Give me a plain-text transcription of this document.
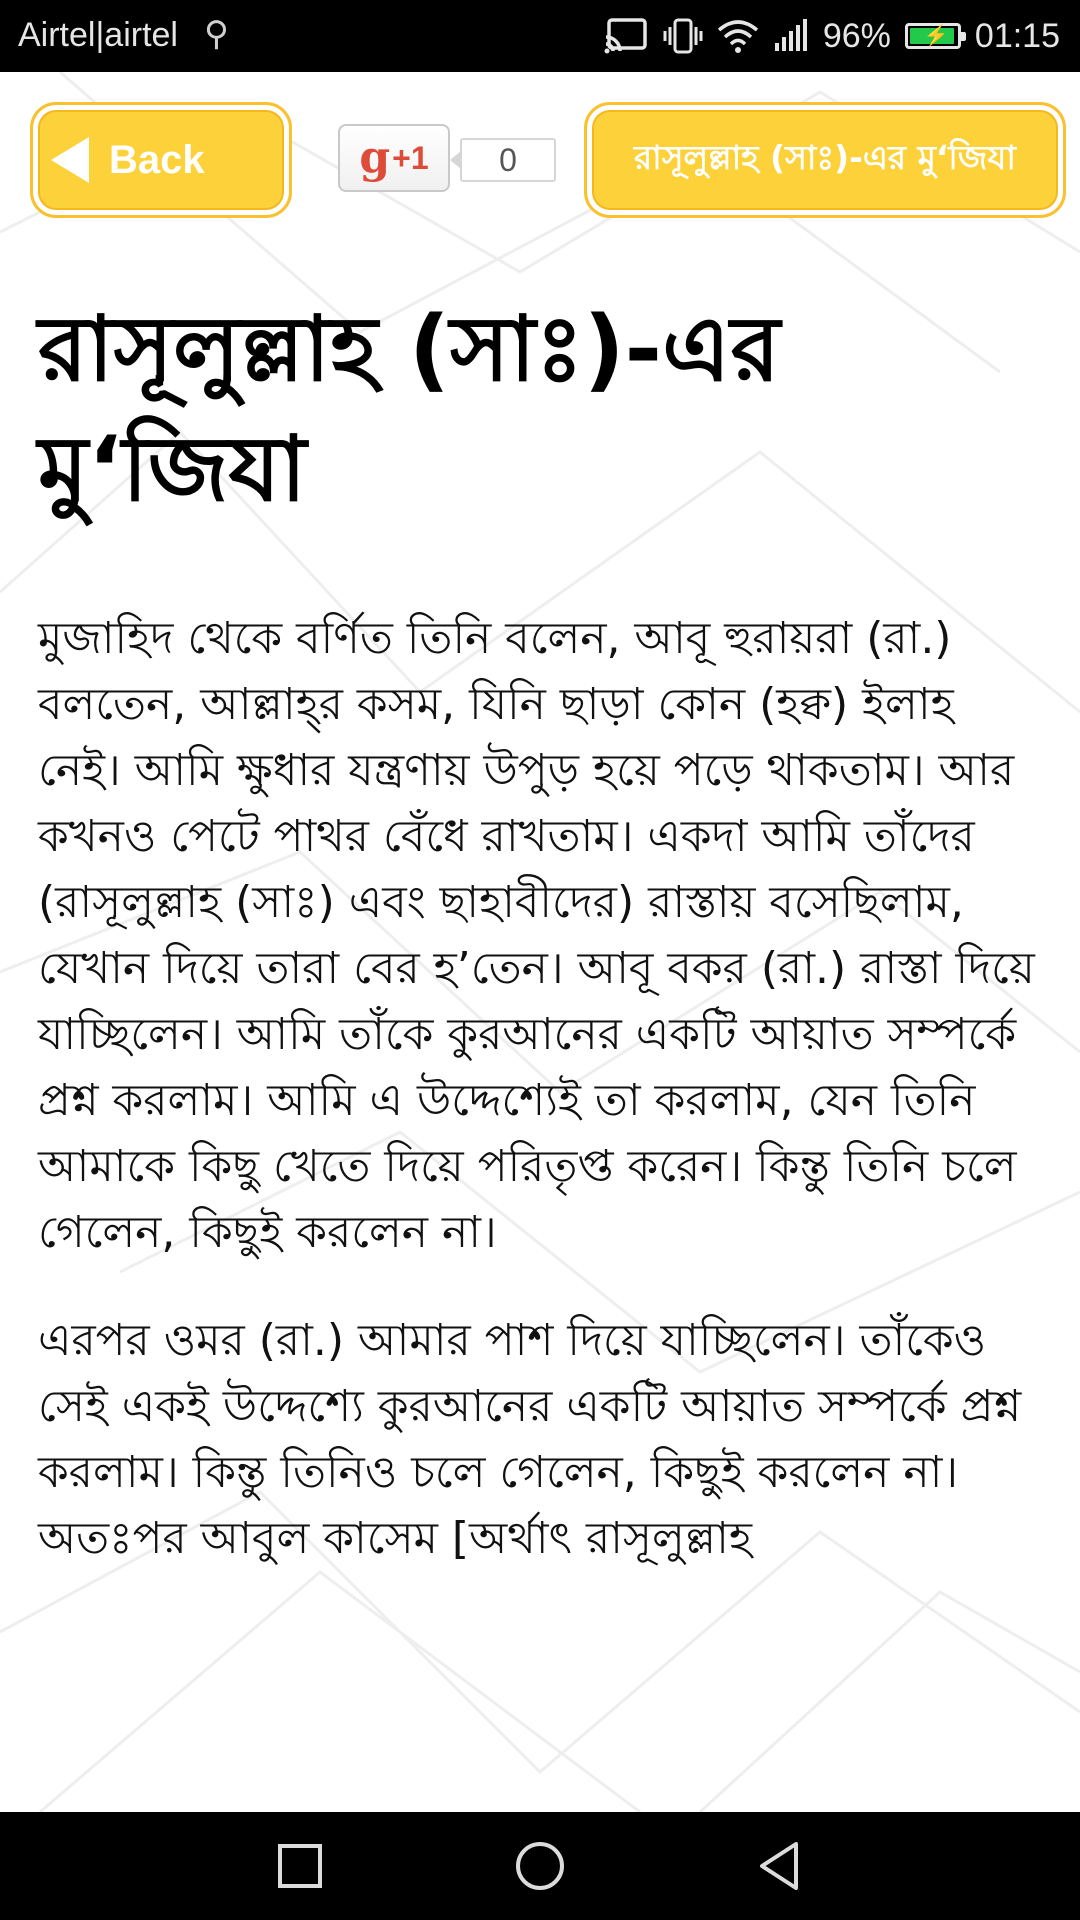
Airtel|airtel ⚲	96% ⚡ 01:15
Back	g +1	0	রাসূলুল্লাহ (সাঃ)-এর মু‘জিযা
রাসূলুল্লাহ (সাঃ)-এর মু‘জিযা

মুজাহিদ থেকে বর্ণিত তিনি বলেন, আবূ হুরায়রা (রা.) বলতেন, আল্লাহ্‌র কসম, যিনি ছাড়া কোন (হক্ব) ইলাহ নেই। আমি ক্ষুধার যন্ত্রণায় উপুড় হয়ে পড়ে থাকতাম। আর কখনও পেটে পাথর বেঁধে রাখতাম। একদা আমি তাঁদের (রাসূলুল্লাহ (সাঃ) এবং ছাহাবীদের) রাস্তায় বসেছিলাম, যেখান দিয়ে তারা বের হ’তেন। আবূ বকর (রা.) রাস্তা দিয়ে যাচ্ছিলেন। আমি তাঁকে কুরআনের একটি আয়াত সম্পর্কে প্রশ্ন করলাম। আমি এ উদ্দেশ্যেই তা করলাম, যেন তিনি আমাকে কিছু খেতে দিয়ে পরিতৃপ্ত করেন। কিন্তু তিনি চলে গেলেন, কিছুই করলেন না।

এরপর ওমর (রা.) আমার পাশ দিয়ে যাচ্ছিলেন। তাঁকেও সেই একই উদ্দেশ্যে কুরআনের একটি আয়াত সম্পর্কে প্রশ্ন করলাম। কিন্তু তিনিও চলে গেলেন, কিছুই করলেন না। অতঃপর আবুল কাসেম [অর্থাৎ রাসূলুল্লাহ
